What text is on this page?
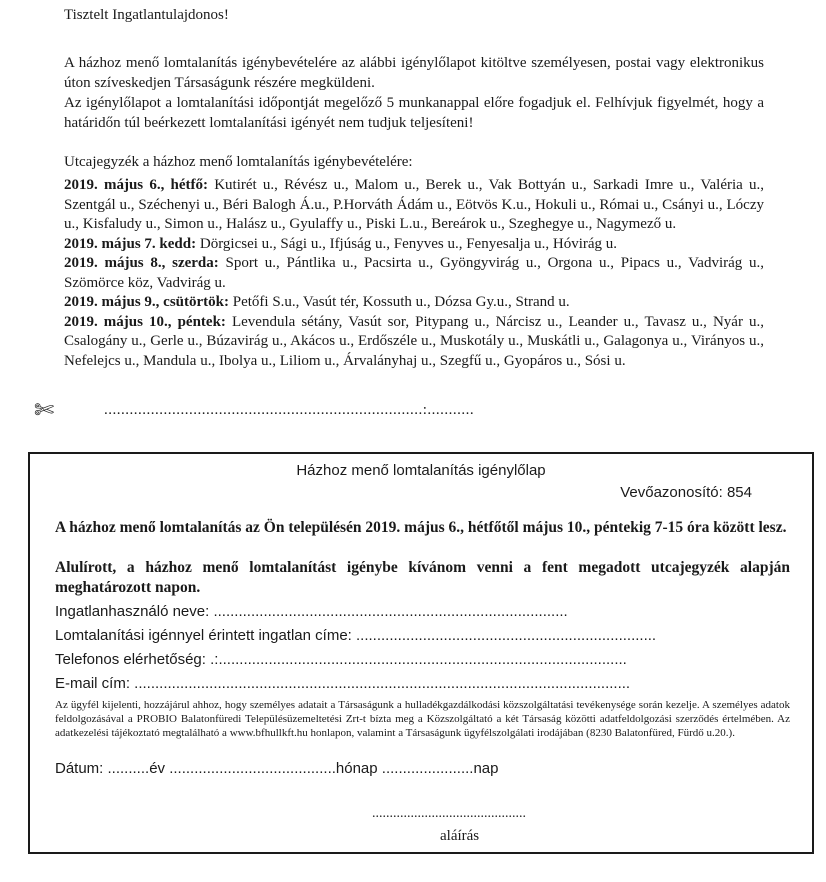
Tisztelt Ingatlantulajdonos!

A házhoz menő lomtalanítás igénybevételére az alábbi igénylőlapot kitöltve személyesen, postai vagy elektronikus úton szíveskedjen Társaságunk részére megküldeni.

Az igénylőlapot a lomtalanítási időpontját megelőző 5 munkanappal előre fogadjuk el. Felhívjuk figyelmét, hogy a határidőn túl beérkezett lomtalanítási igényét nem tudjuk teljesíteni!

Utcajegyzék a házhoz menő lomtalanítás igénybevételére:

2019. május 6., hétfő: Kutirét u., Révész u., Malom u., Berek u., Vak Bottyán u., Sarkadi Imre u., Valéria u., Szentgál u., Széchenyi u., Béri Balogh Á.u., P.Horváth Ádám u., Eötvös K.u., Hokuli u., Római u., Csányi u., Lóczy u., Kisfaludy u., Simon u., Halász u., Gyulaffy u., Piski L.u., Bereárok u., Szeghegye u., Nagymező u.
2019. május 7. kedd: Dörgicsei u., Sági u., Ifjúság u., Fenyves u., Fenyesalja u., Hóvirág u.
2019. május 8., szerda: Sport u., Pántlika u., Pacsirta u., Gyöngyvirág u., Orgona u., Pipacs u., Vadvirág u., Szömörce köz, Vadvirág u.
2019. május 9., csütörtök: Petőfi S.u., Vasút tér, Kossuth u., Dózsa Gy.u., Strand u.
2019. május 10., péntek: Levendula sétány, Vasút sor, Pitypang u., Nárcisz u., Leander u., Tavasz u., Nyár u., Csalogány u., Gerle u., Búzavirág u., Akácos u., Erdőszéle u., Muskotály u., Muskátli u., Galagonya u., Virányos u., Nefelejcs u., Mandula u., Ibolya u., Liliom u., Árvalányhaj u., Szegfű u., Gyopáros u., Sósi u.
✄	...........................................................................:...........
Házhoz menő lomtalanítás igénylőlap
Vevőazonosító: 854
A házhoz menő lomtalanítás az Ön településén 2019. május 6., hétfőtől május 10., péntekig 7-15 óra között lesz.
Alulírott, a házhoz menő lomtalanítást igénybe kívánom venni a fent megadott utcajegyzék alapján meghatározott napon.
Ingatlanhasználó neve: .....................................................................................
Lomtalanítási igénnyel érintett ingatlan címe: ........................................................................
Telefonos elérhetőség: .:..................................................................................................
E-mail cím: .......................................................................................................................
Az ügyfél kijelenti, hozzájárul ahhoz, hogy személyes adatait a Társaságunk a hulladékgazdálkodási közszolgáltatási tevékenysége során kezelje. A személyes adatok feldolgozásával a PROBIO Balatonfüredi Településüzemeltetési Zrt-t bízta meg a Közszolgáltató a két Társaság közötti adatfeldolgozási szerződés értelmében. Az adatkezelési tájékoztató megtalálható a www.bfhullkft.hu honlapon, valamint a Társaságunk ügyfélszolgálati irodájában (8230 Balatonfüred, Fürdő u.20.).
Dátum: ..........év ........................................hónap ......................nap
............................................
aláírás
